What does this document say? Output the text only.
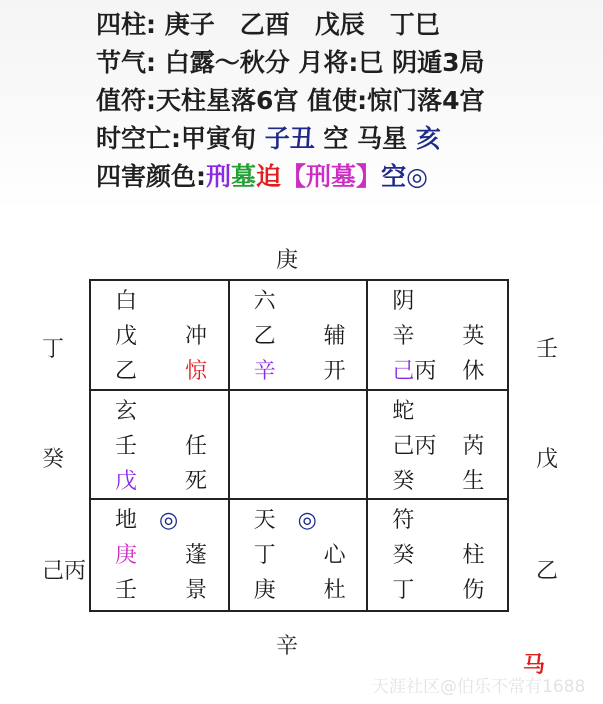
四柱: 庚子　乙酉　戊辰　丁巳
节气: 白露～秋分 月将:巳 阴遁3局
值符:天柱星落6宫 值使:惊门落4宫
时空亡:甲寅旬 子丑 空 马星 亥
四害颜色:刑墓迫【刑墓】空◎
庚
辛
丁
癸
己丙
壬
戊
乙
白
戊 冲
乙 惊
六
乙 辅
辛 开
阴
辛 英
己丙 休
玄
壬 任
戊 死
蛇
己丙 芮
癸 生
地 ◎
庚 蓬
壬 景
天 ◎
丁 心
庚 杜
符
癸 柱
丁 伤
马
天涯社区@伯乐不常有1688
